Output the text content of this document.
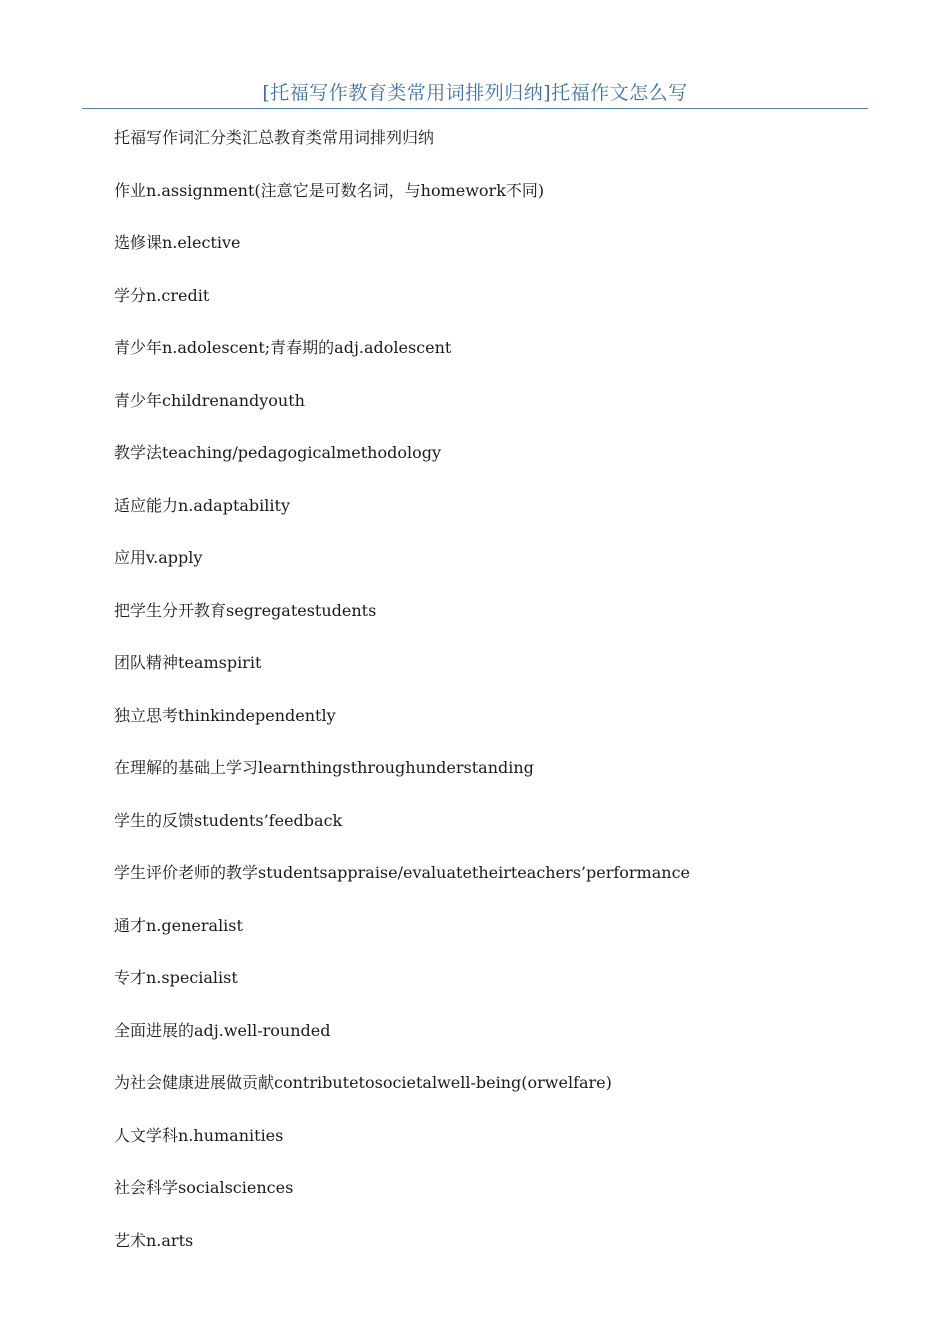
[托福写作教育类常用词排列归纳]托福作文怎么写
托福写作词汇分类汇总教育类常用词排列归纳
作业n.assignment(注意它是可数名词，与homework不同)
选修课n.elective
学分n.credit
青少年n.adolescent;青春期的adj.adolescent
青少年childrenandyouth
教学法teaching/pedagogicalmethodology
适应能力n.adaptability
应用v.apply
把学生分开教育segregatestudents
团队精神teamspirit
独立思考thinkindependently
在理解的基础上学习learnthingsthroughunderstanding
学生的反馈students’feedback
学生评价老师的教学studentsappraise/evaluatetheirteachers’performance
通才n.generalist
专才n.specialist
全面进展的adj.well-rounded
为社会健康进展做贡献contributetosocietalwell-being(orwelfare)
人文学科n.humanities
社会科学socialsciences
艺术n.arts
